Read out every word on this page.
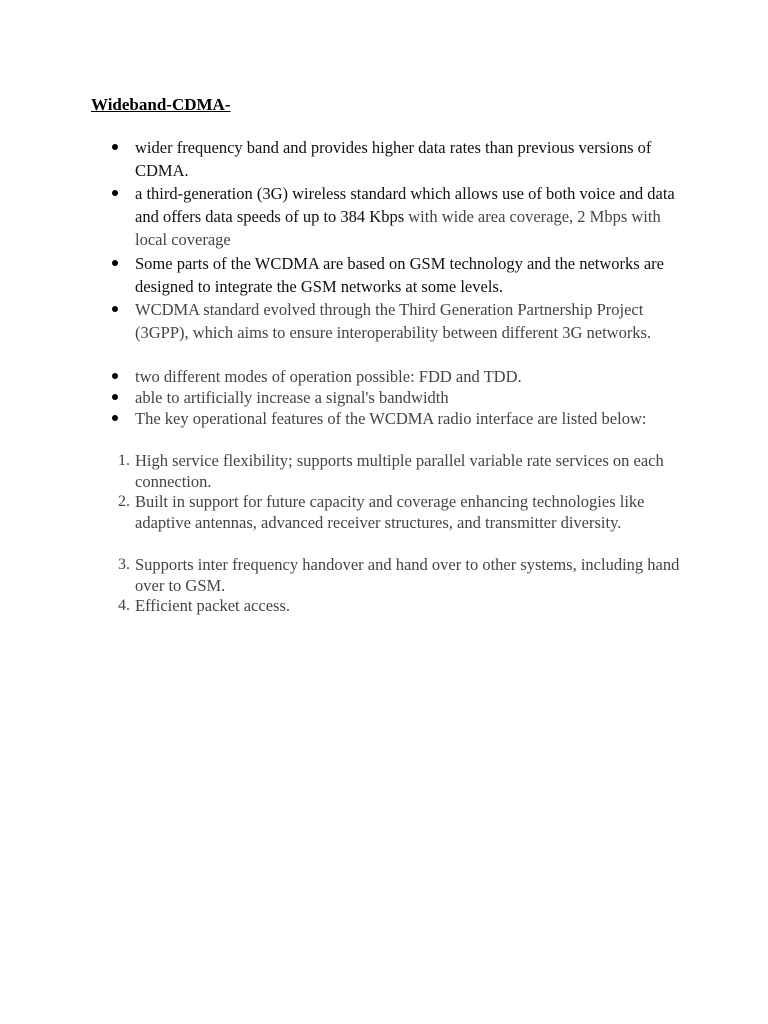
Wideband-CDMA-
wider frequency band and provides higher data rates than previous versions of CDMA.
a third-generation (3G) wireless standard which allows use of both voice and data and offers data speeds of up to 384 Kbps with wide area coverage, 2 Mbps with local coverage
Some parts of the WCDMA are based on GSM technology and the networks are designed to integrate the GSM networks at some levels.
WCDMA standard evolved through the Third Generation Partnership Project (3GPP), which aims to ensure interoperability between different 3G networks.
two different modes of operation possible: FDD and TDD.
able to artificially increase a signal's bandwidth
The key operational features of the WCDMA radio interface are listed below:
1. High service flexibility; supports multiple parallel variable rate services on each connection.
2. Built in support for future capacity and coverage enhancing technologies like adaptive antennas, advanced receiver structures, and transmitter diversity.
3. Supports inter frequency handover and hand over to other systems, including hand over to GSM.
4. Efficient packet access.
